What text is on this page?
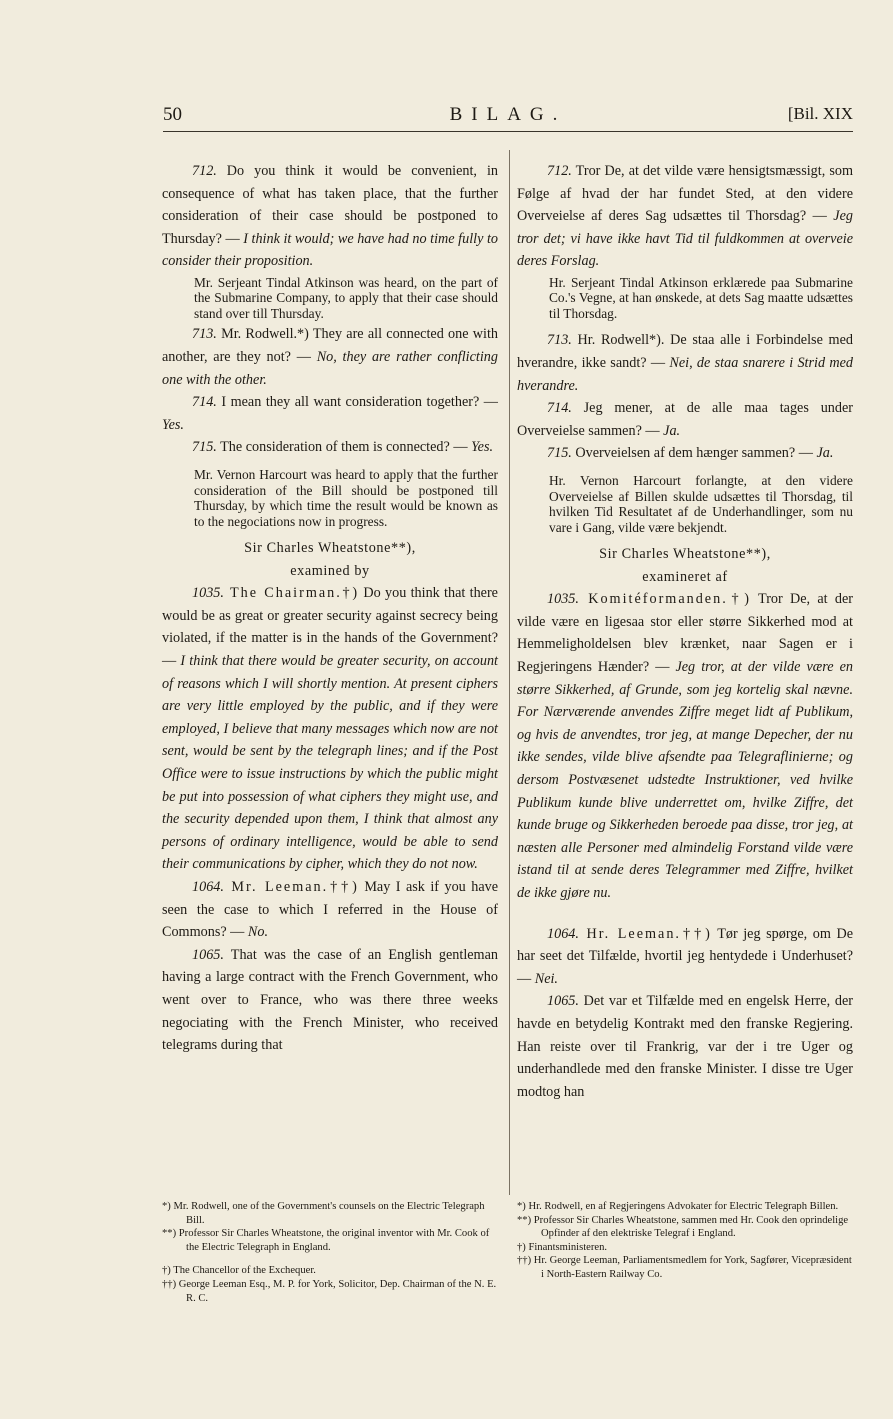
50	BILAG.	[Bil. XIX

712. Do you think it would be convenient, in consequence of what has taken place, that the further consideration of their case should be postponed to Thursday? — I think it would; we have had no time fully to consider their proposition.

Mr. Serjeant Tindal Atkinson was heard, on the part of the Submarine Company, to apply that their case should stand over till Thursday.

713. Mr. Rodwell.*) They are all connected one with another, are they not? — No, they are rather conflicting one with the other.

714. I mean they all want consideration together? — Yes.

715. The consideration of them is connected? — Yes.

Mr. Vernon Harcourt was heard to apply that the further consideration of the Bill should be postponed till Thursday, by which time the result would be known as to the negociations now in progress.

Sir Charles Wheatstone**),

examined by

1035. The Chairman.†) Do you think that there would be as great or greater security against secrecy being violated, if the matter is in the hands of the Government? — I think that there would be greater security, on account of reasons which I will shortly mention. At present ciphers are very little employed by the public, and if they were employed, I believe that many messages which now are not sent, would be sent by the telegraph lines; and if the Post Office were to issue instructions by which the public might be put into possession of what ciphers they might use, and the security depended upon them, I think that almost any persons of ordinary intelligence, would be able to send their communications by cipher, which they do not now.

1064. Mr. Leeman.††) May I ask if you have seen the case to which I referred in the House of Commons? — No.

1065. That was the case of an English gentleman having a large contract with the French Government, who went over to France, who was there three weeks negociating with the French Minister, who received telegrams during that

712. Tror De, at det vilde være hensigtsmæssigt, som Følge af hvad der har fundet Sted, at den videre Overveielse af deres Sag udsættes til Thorsdag? — Jeg tror det; vi have ikke havt Tid til fuldkommen at overveie deres Forslag.

Hr. Serjeant Tindal Atkinson erklærede paa Submarine Co.'s Vegne, at han ønskede, at dets Sag maatte udsættes til Thorsdag.

713. Hr. Rodwell*). De staa alle i Forbindelse med hverandre, ikke sandt? — Nei, de staa snarere i Strid med hverandre.

714. Jeg mener, at de alle maa tages under Overveielse sammen? — Ja.

715. Overveielsen af dem hænger sammen? — Ja.

Hr. Vernon Harcourt forlangte, at den videre Overveielse af Billen skulde udsættes til Thorsdag, til hvilken Tid Resultatet af de Underhandlinger, som nu vare i Gang, vilde være bekjendt.

Sir Charles Wheatstone**),

examineret af

1035. Komitéformanden.†) Tror De, at der vilde være en ligesaa stor eller større Sikkerhed mod at Hemmeligholdelsen blev krænket, naar Sagen er i Regjeringens Hænder? — Jeg tror, at der vilde være en større Sikkerhed, af Grunde, som jeg kortelig skal nævne. For Nærværende anvendes Ziffre meget lidt af Publikum, og hvis de anvendtes, tror jeg, at mange Depecher, der nu ikke sendes, vilde blive afsendte paa Telegraflinierne; og dersom Postvæsenet udstedte Instruktioner, ved hvilke Publikum kunde blive underrettet om, hvilke Ziffre, det kunde bruge og Sikkerheden beroede paa disse, tror jeg, at næsten alle Personer med almindelig Forstand vilde være istand til at sende deres Telegrammer med Ziffre, hvilket de ikke gjøre nu.

1064. Hr. Leeman.††) Tør jeg spørge, om De har seet det Tilfælde, hvortil jeg hentydede i Underhuset? — Nei.

1065. Det var et Tilfælde med en engelsk Herre, der havde en betydelig Kontrakt med den franske Regjering. Han reiste over til Frankrig, var der i tre Uger og underhandlede med den franske Minister. I disse tre Uger modtog han

*) Mr. Rodwell, one of the Government's counsels on the Electric Telegraph Bill.
**) Professor Sir Charles Wheatstone, the original inventor with Mr. Cook of the Electric Telegraph in England.
†) The Chancellor of the Exchequer.
††) George Leeman Esq., M. P. for York, Solicitor, Dep. Chairman of the N. E. R. C.
*) Hr. Rodwell, en af Regjeringens Advokater for Electric Telegraph Billen.
**) Professor Sir Charles Wheatstone, sammen med Hr. Cook den oprindelige Opfinder af den elektriske Telegraf i England.
†) Finantsministeren.
††) Hr. George Leeman, Parliamentsmedlem for York, Sagfører, Vicepræsident i North-Eastern Railway Co.
